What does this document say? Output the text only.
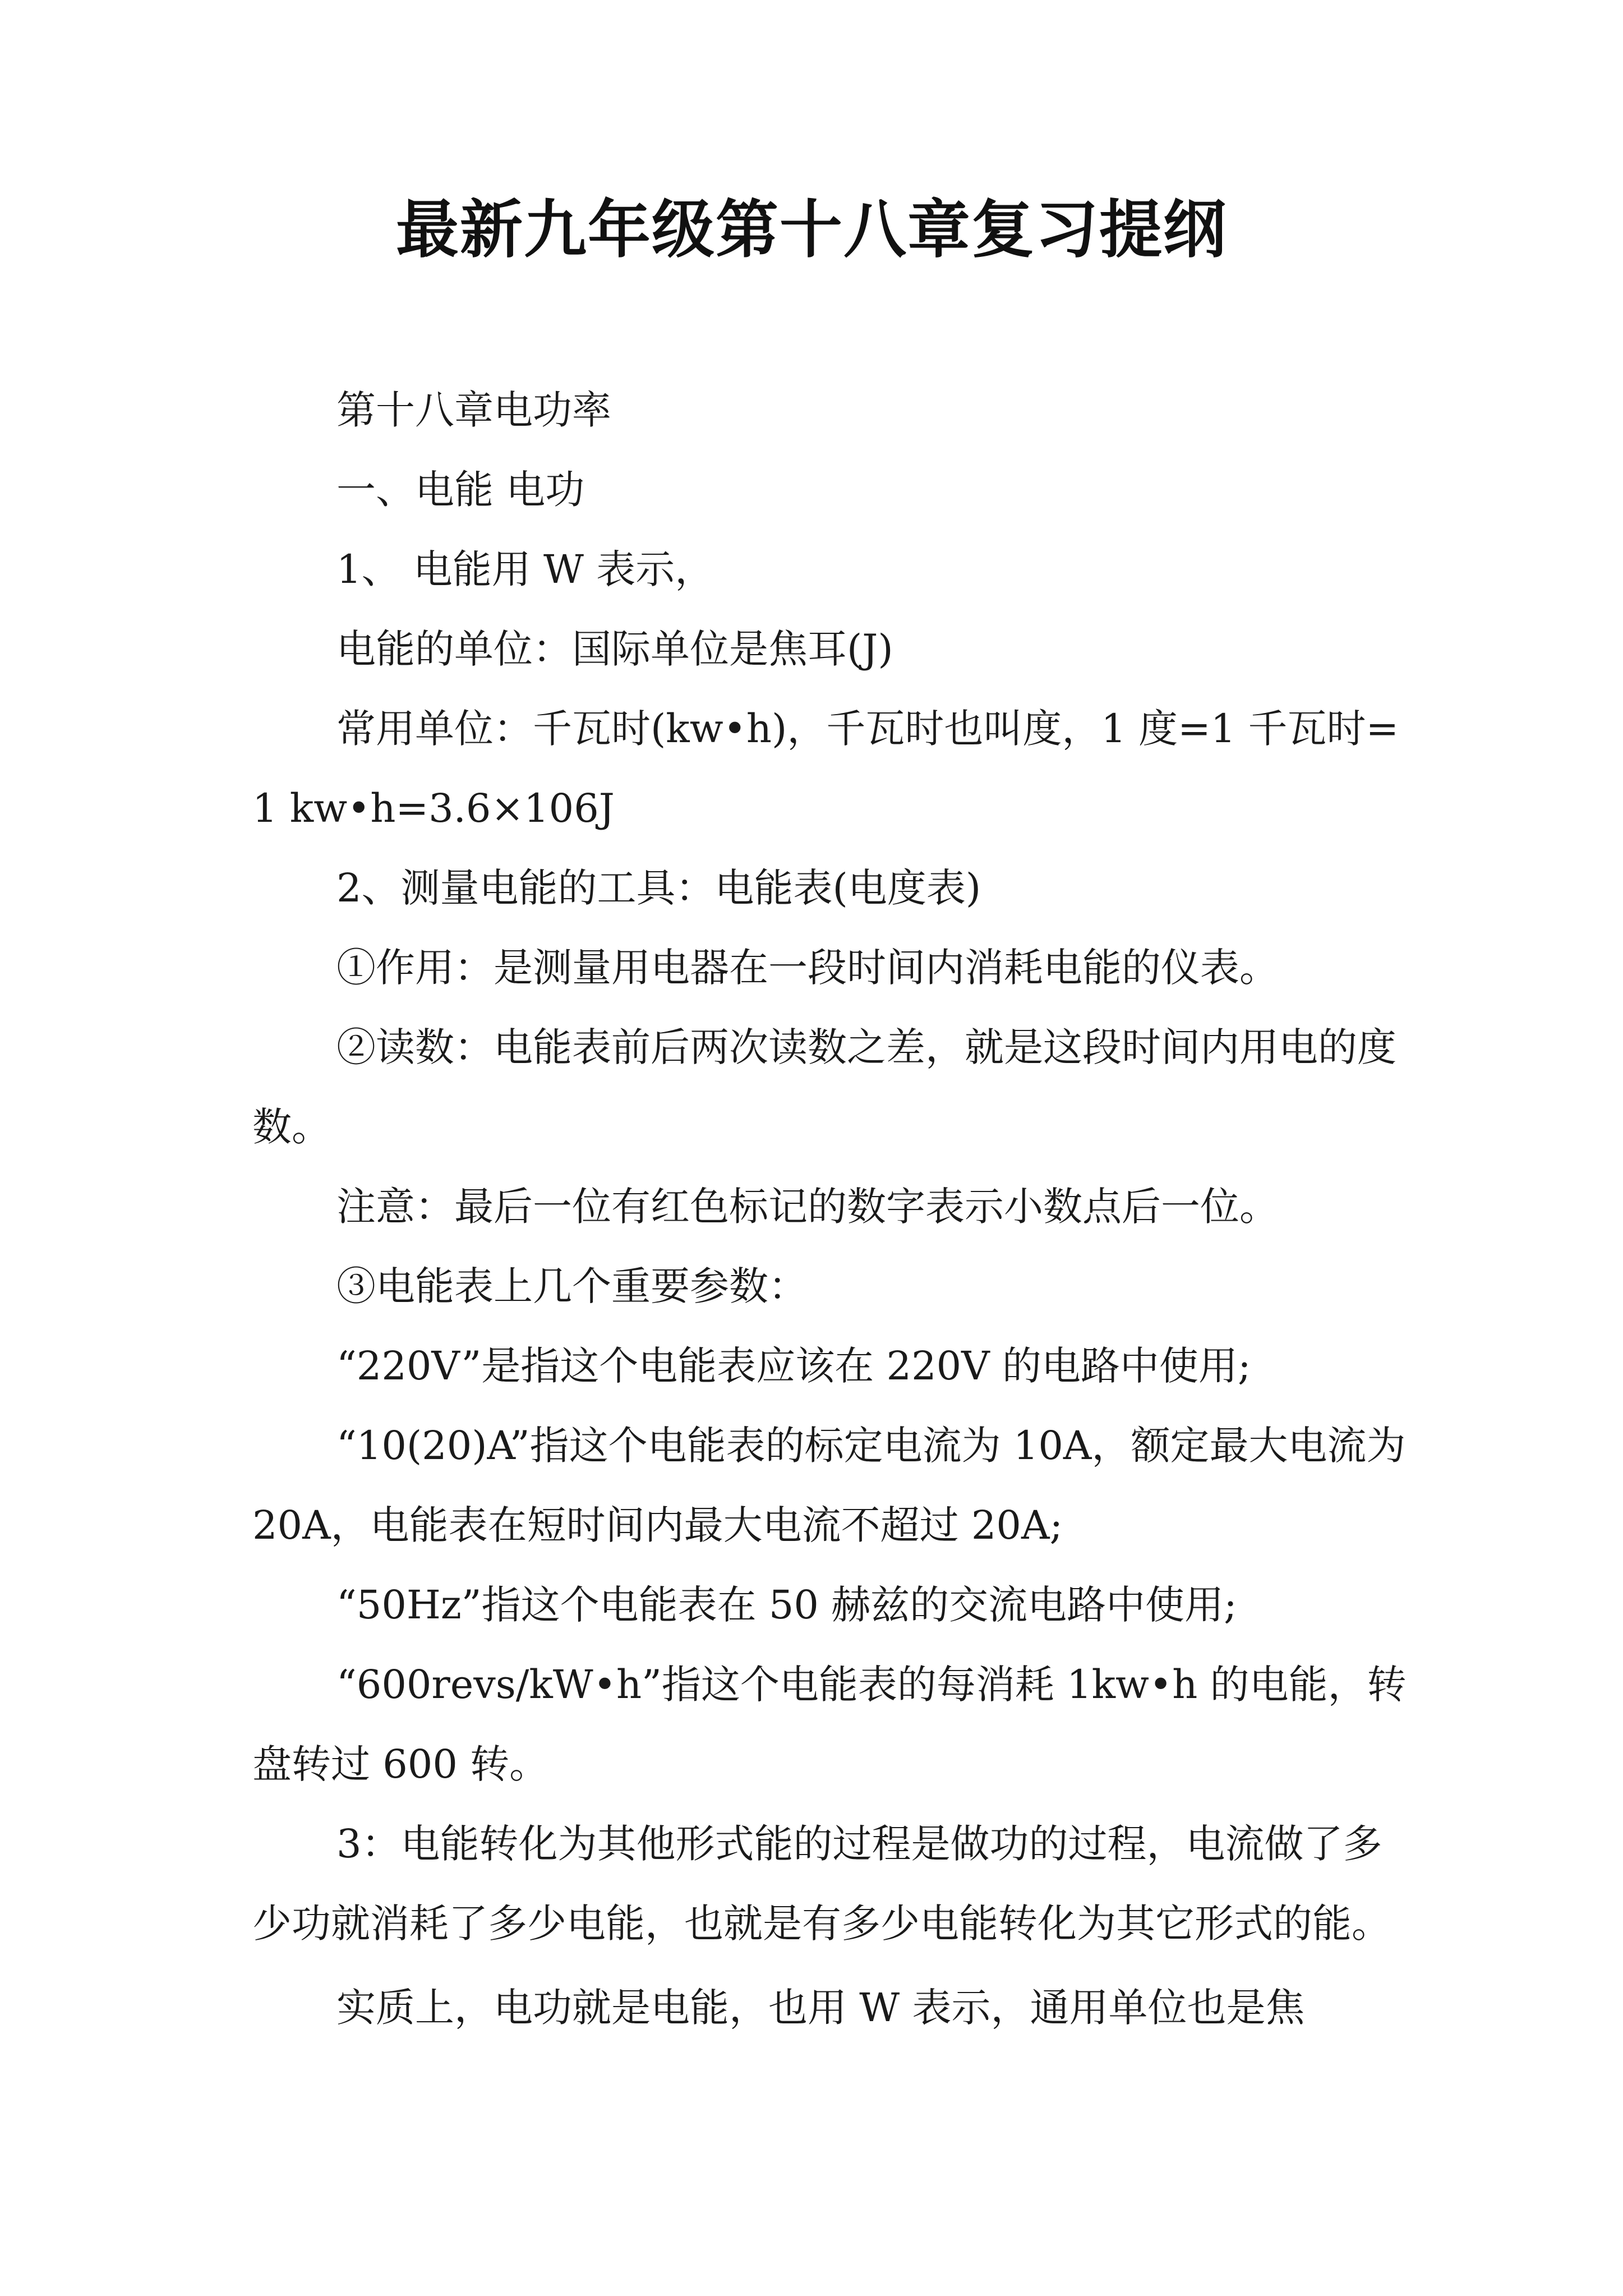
最新九年级第十八章复习提纲

第十八章电功率

一、电能 电功

1、 电能用 W 表示，

电能的单位：国际单位是焦耳(J)

常用单位：千瓦时(kw•h)，千瓦时也叫度，1 度=1 千瓦时=1 kw•h=3.6×106J

2、测量电能的工具：电能表(电度表)

①作用：是测量用电器在一段时间内消耗电能的仪表。

②读数：电能表前后两次读数之差，就是这段时间内用电的度数。

注意：最后一位有红色标记的数字表示小数点后一位。

③电能表上几个重要参数：

“220V”是指这个电能表应该在 220V 的电路中使用;

“10(20)A”指这个电能表的标定电流为 10A，额定最大电流为 20A，电能表在短时间内最大电流不超过 20A;

“50Hz”指这个电能表在 50 赫兹的交流电路中使用;

“600revs/kW•h”指这个电能表的每消耗 1kw•h 的电能，转盘转过 600 转。

3：电能转化为其他形式能的过程是做功的过程，电流做了多少功就消耗了多少电能，也就是有多少电能转化为其它形式的能。

实质上，电功就是电能，也用 W 表示，通用单位也是焦
